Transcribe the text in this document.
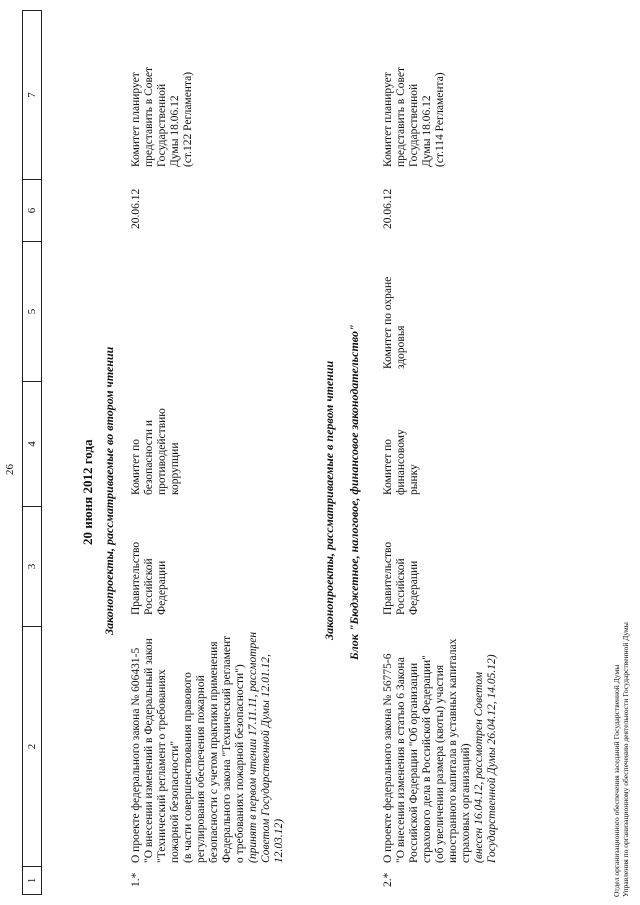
26
1
2
3
4
5
6
7
20 июня 2012 года Законопроекты, рассматриваемые во втором чтении
1.*
О проекте федерального закона № 606431-5 "О внесении изменений в Федеральный закон "Технический регламент о требованиях пожарной безопасности" (в части совершенствования правового регулирования обеспечения пожарной безопасности с учетом практики применения Федерального закона "Технический регламент о требованиях пожарной безопасности") (принят в первом чтении 17.11.11, рассмотрен Советом Государственной Думы 12.01.12, 12.03.12)
Правительство Российской Федерации
Комитет по безопасности и противодействию коррупции
20.06.12
Комитет планирует представить в Совет Государственной Думы 18.06.12 (ст.122 Регламента)
Законопроекты, рассматриваемые в первом чтении Блок "Бюджетное, налоговое, финансовое законодательство"
2.*
О проекте федерального закона № 56775-6 "О внесении изменения в статью 6 Закона Российской Федерации "Об организации страхового дела в Российской Федерации" (об увеличении размера (квоты) участия иностранного капитала в уставных капиталах страховых организаций) (внесен 16.04.12, рассмотрен Советом Государственной Думы 26.04.12, 14.05.12)
Правительство Российской Федерации
Комитет по финансовому рынку
Комитет по охране здоровья
20.06.12
Комитет планирует представить в Совет Государственной Думы 18.06.12 (ст.114 Регламента)
Отдел организационного обеспечения заседаний Государственной Думы Управления по организационному обеспечению деятельности Государственной Думы
